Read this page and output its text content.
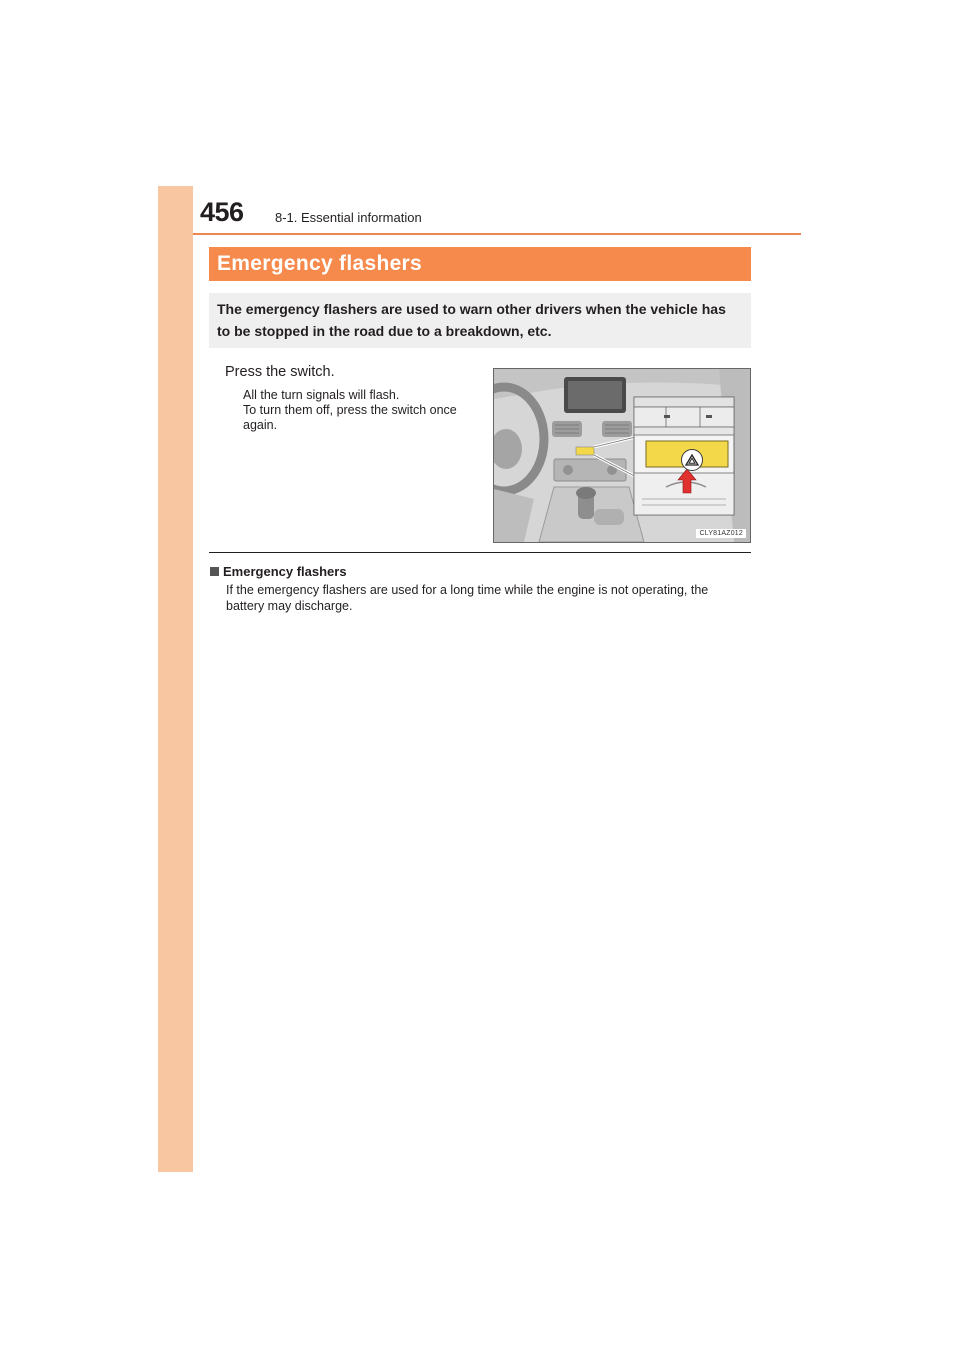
456 8-1. Essential information
Emergency flashers
The emergency flashers are used to warn other drivers when the vehicle has
to be stopped in the road due to a breakdown, etc.
Press the switch.
All the turn signals will flash.
To turn them off, press the switch once
again.
CLY81AZ012
Emergency flashers
If the emergency flashers are used for a long time while the engine is not operating, the
battery may discharge.
